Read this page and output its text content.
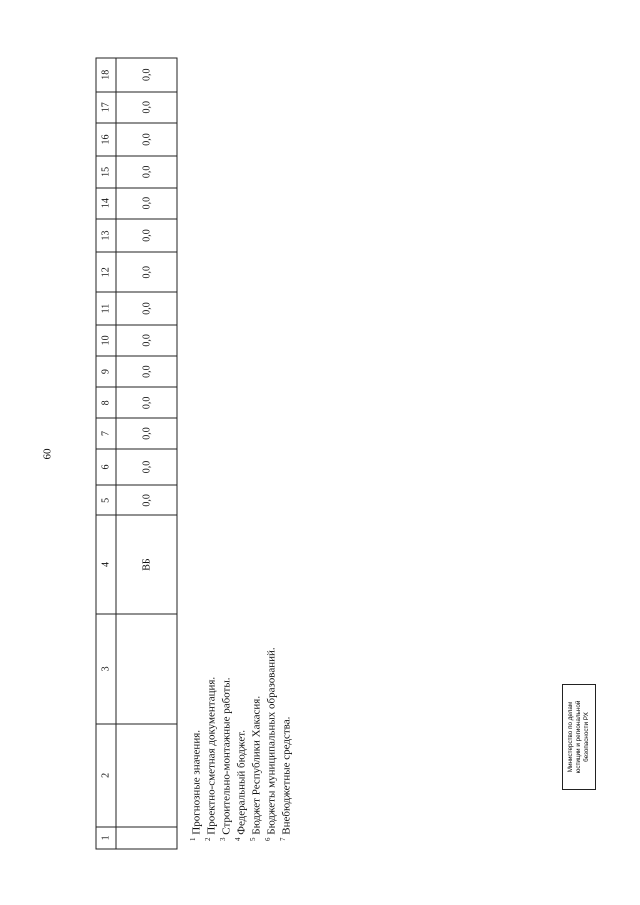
60
1	2	3	4	5	6	7	8	9	10	11	12	13	14	15	16	17	18
			ВБ	0,0	0,0	0,0	0,0	0,0	0,0	0,0	0,0	0,0	0,0	0,0	0,0	0,0	0,0
$^1$ Прогнозные значения.
$^2$ Проектно-сметная документация.
$^3$ Строительно-монтажные работы.
$^4$ Федеральный бюджет.
$^5$ Бюджет Республики Хакасия.
$^6$ Бюджеты муниципальных образований.
$^7$ Внебюджетные средства.	Министерство по делам юстиции и региональной безопасности РХ
